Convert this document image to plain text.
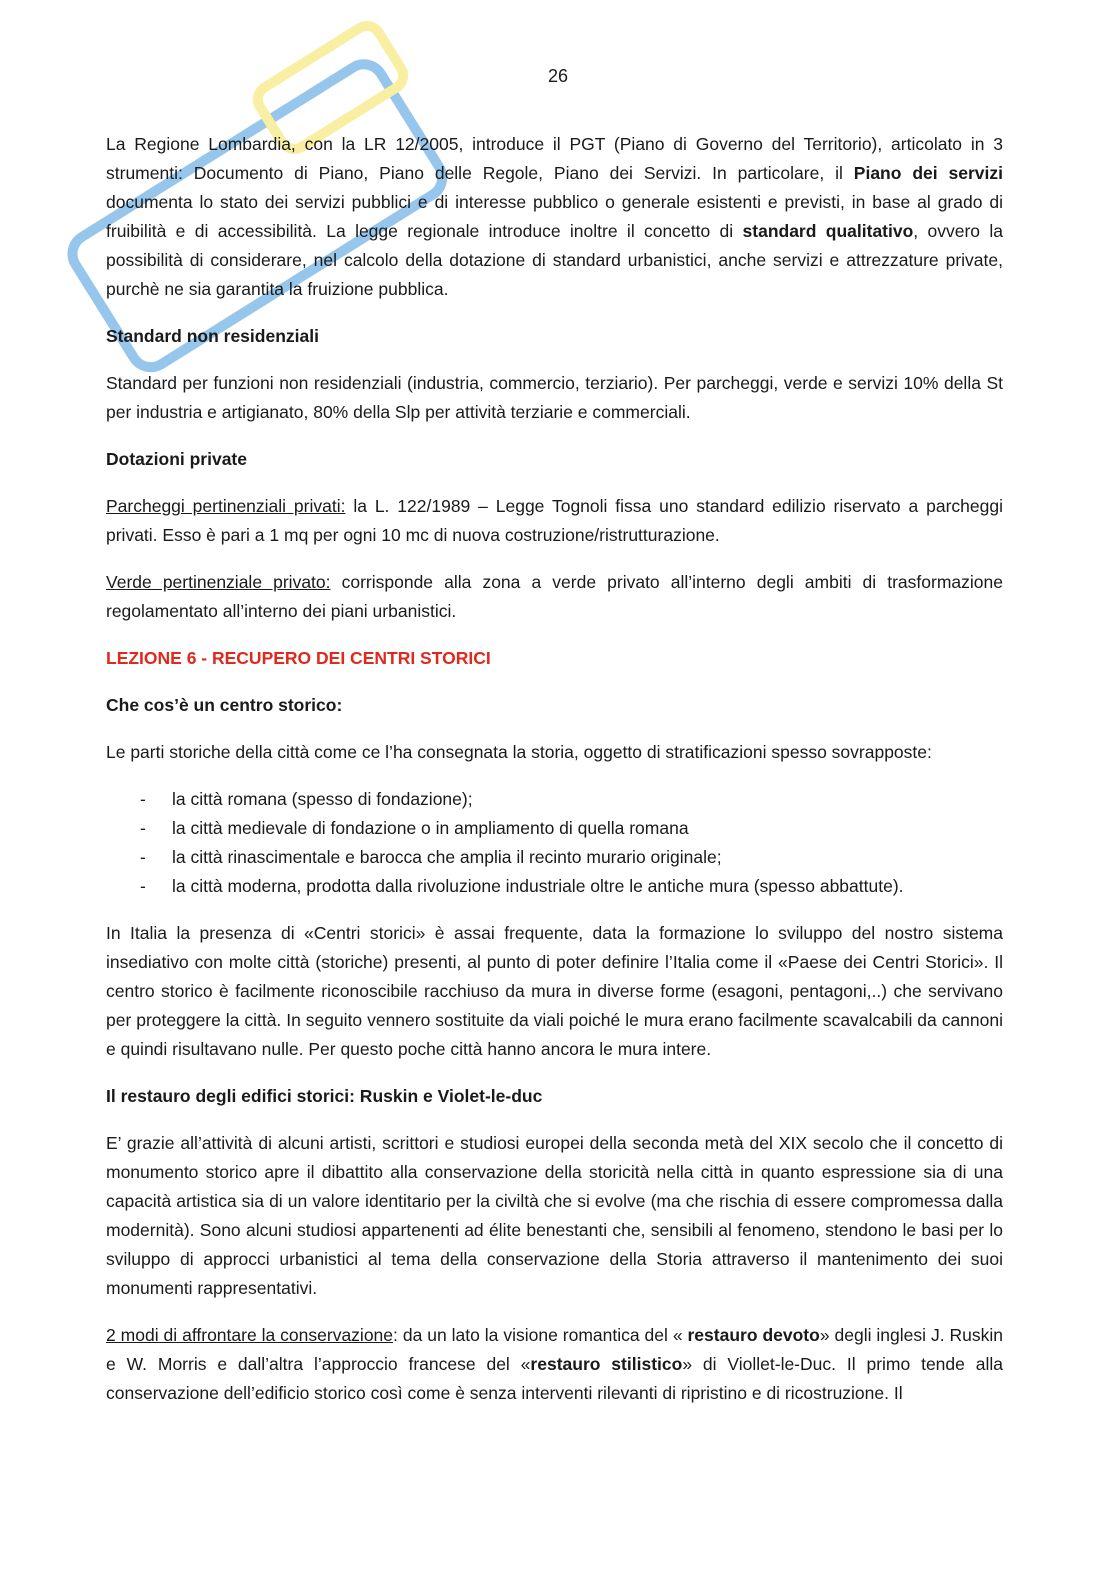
26

La Regione Lombardia, con la LR 12/2005, introduce il PGT (Piano di Governo del Territorio), articolato in 3 strumenti: Documento di Piano, Piano delle Regole, Piano dei Servizi. In particolare, il Piano dei servizi documenta lo stato dei servizi pubblici e di interesse pubblico o generale esistenti e previsti, in base al grado di fruibilità e di accessibilità. La legge regionale introduce inoltre il concetto di standard qualitativo, ovvero la possibilità di considerare, nel calcolo della dotazione di standard urbanistici, anche servizi e attrezzature private, purchè ne sia garantita la fruizione pubblica.

Standard non residenziali

Standard per funzioni non residenziali (industria, commercio, terziario). Per parcheggi, verde e servizi 10% della St per industria e artigianato, 80% della Slp per attività terziarie e commerciali.

Dotazioni private

Parcheggi pertinenziali privati: la L. 122/1989 – Legge Tognoli fissa uno standard edilizio riservato a parcheggi privati. Esso è pari a 1 mq per ogni 10 mc di nuova costruzione/ristrutturazione.

Verde pertinenziale privato: corrisponde alla zona a verde privato all’interno degli ambiti di trasformazione regolamentato all’interno dei piani urbanistici.

LEZIONE 6 - RECUPERO DEI CENTRI STORICI
Che cos’è un centro storico:

Le parti storiche della città come ce l’ha consegnata la storia, oggetto di stratificazioni spesso sovrapposte:

- la città romana (spesso di fondazione);
- la città medievale di fondazione o in ampliamento di quella romana
- la città rinascimentale e barocca che amplia il recinto murario originale;
- la città moderna, prodotta dalla rivoluzione industriale oltre le antiche mura (spesso abbattute).

In Italia la presenza di «Centri storici» è assai frequente, data la formazione lo sviluppo del nostro sistema insediativo con molte città (storiche) presenti, al punto di poter definire l’Italia come il «Paese dei Centri Storici». Il centro storico è facilmente riconoscibile racchiuso da mura in diverse forme (esagoni, pentagoni,..) che servivano per proteggere la città. In seguito vennero sostituite da viali poiché le mura erano facilmente scavalcabili da cannoni e quindi risultavano nulle. Per questo poche città hanno ancora le mura intere.

Il restauro degli edifici storici: Ruskin e Violet-le-duc

E’ grazie all’attività di alcuni artisti, scrittori e studiosi europei della seconda metà del XIX secolo che il concetto di monumento storico apre il dibattito alla conservazione della storicità nella città in quanto espressione sia di una capacità artistica sia di un valore identitario per la civiltà che si evolve (ma che rischia di essere compromessa dalla modernità). Sono alcuni studiosi appartenenti ad élite benestanti che, sensibili al fenomeno, stendono le basi per lo sviluppo di approcci urbanistici al tema della conservazione della Storia attraverso il mantenimento dei suoi monumenti rappresentativi.

2 modi di affrontare la conservazione: da un lato la visione romantica del « restauro devoto» degli inglesi J. Ruskin e W. Morris e dall’altra l’approccio francese del «restauro stilistico» di Viollet-le-Duc. Il primo tende alla conservazione dell’edificio storico così come è senza interventi rilevanti di ripristino e di ricostruzione. Il
